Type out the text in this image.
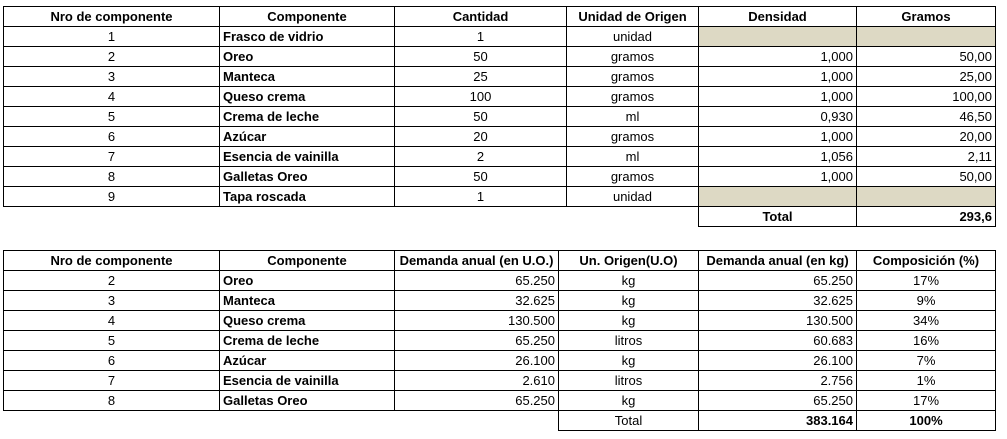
Nro de componente	Componente	Cantidad	Unidad de Origen	Densidad	Gramos
1	Frasco de vidrio	1	unidad		
2	Oreo	50	gramos	1,000	50,00
3	Manteca	25	gramos	1,000	25,00
4	Queso crema	100	gramos	1,000	100,00
5	Crema de leche	50	ml	0,930	46,50
6	Azúcar	20	gramos	1,000	20,00
7	Esencia de vainilla	2	ml	1,056	2,11
8	Galletas Oreo	50	gramos	1,000	50,00
9	Tapa roscada	1	unidad		
				Total	293,6
Nro de componente	Componente	Demanda anual (en U.O.)	Un. Origen(U.O)	Demanda anual (en kg)	Composición (%)
2	Oreo	65.250	kg	65.250	17%
3	Manteca	32.625	kg	32.625	9%
4	Queso crema	130.500	kg	130.500	34%
5	Crema de leche	65.250	litros	60.683	16%
6	Azúcar	26.100	kg	26.100	7%
7	Esencia de vainilla	2.610	litros	2.756	1%
8	Galletas Oreo	65.250	kg	65.250	17%
			Total	383.164	100%
